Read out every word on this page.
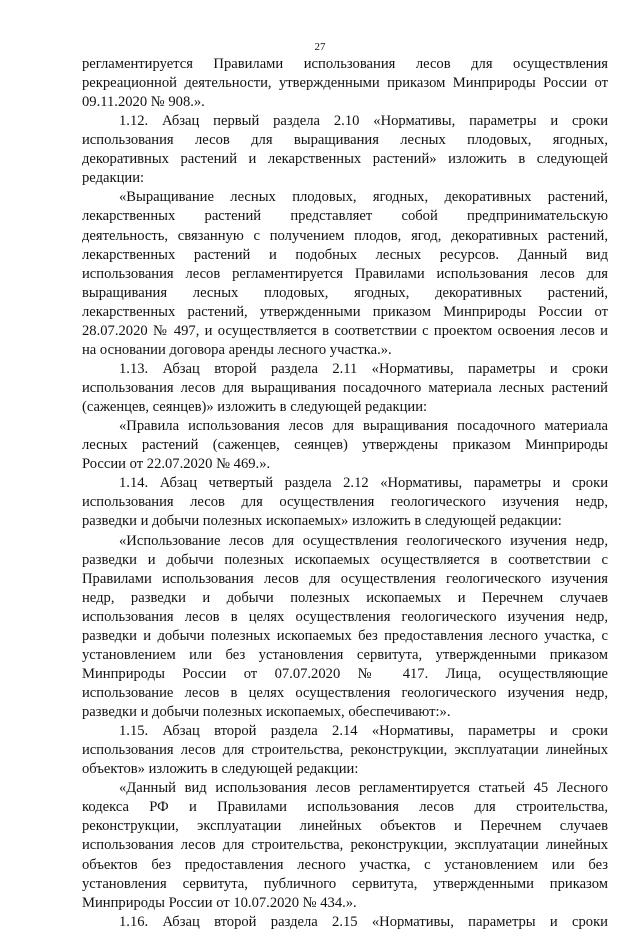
27
регламентируется Правилами использования лесов для осуществления
рекреационной деятельности, утвержденными приказом Минприроды России от
09.11.2020 № 908.».
1.12. Абзац первый раздела 2.10 «Нормативы, параметры и сроки
использования лесов для выращивания лесных плодовых, ягодных,
декоративных растений и лекарственных растений» изложить в следующей
редакции:
«Выращивание лесных плодовых, ягодных, декоративных растений,
лекарственных растений представляет собой предпринимательскую
деятельность, связанную с получением плодов, ягод, декоративных растений,
лекарственных растений и подобных лесных ресурсов. Данный вид
использования лесов регламентируется Правилами использования лесов для
выращивания лесных плодовых, ягодных, декоративных растений,
лекарственных растений, утвержденными приказом Минприроды России от
28.07.2020 № 497, и осуществляется в соответствии с проектом освоения лесов и
на основании договора аренды лесного участка.».
1.13. Абзац второй раздела 2.11 «Нормативы, параметры и сроки
использования лесов для выращивания посадочного материала лесных растений
(саженцев, сеянцев)» изложить в следующей редакции:
«Правила использования лесов для выращивания посадочного материала
лесных растений (саженцев, сеянцев) утверждены приказом Минприроды
России от 22.07.2020 № 469.».
1.14. Абзац четвертый раздела 2.12 «Нормативы, параметры и сроки
использования лесов для осуществления геологического изучения недр,
разведки и добычи полезных ископаемых» изложить в следующей редакции:
«Использование лесов для осуществления геологического изучения недр,
разведки и добычи полезных ископаемых осуществляется в соответствии с
Правилами использования лесов для осуществления геологического изучения
недр, разведки и добычи полезных ископаемых и Перечнем случаев
использования лесов в целях осуществления геологического изучения недр,
разведки и добычи полезных ископаемых без предоставления лесного участка, с
установлением или без установления сервитута, утвержденными приказом
Минприроды России от 07.07.2020 № 417. Лица, осуществляющие
использование лесов в целях осуществления геологического изучения недр,
разведки и добычи полезных ископаемых, обеспечивают:».
1.15. Абзац второй раздела 2.14 «Нормативы, параметры и сроки
использования лесов для строительства, реконструкции, эксплуатации линейных
объектов» изложить в следующей редакции:
«Данный вид использования лесов регламентируется статьей 45 Лесного
кодекса РФ и Правилами использования лесов для строительства,
реконструкции, эксплуатации линейных объектов и Перечнем случаев
использования лесов для строительства, реконструкции, эксплуатации линейных
объектов без предоставления лесного участка, с установлением или без
установления сервитута, публичного сервитута, утвержденными приказом
Минприроды России от 10.07.2020 № 434.».
1.16. Абзац второй раздела 2.15 «Нормативы, параметры и сроки
